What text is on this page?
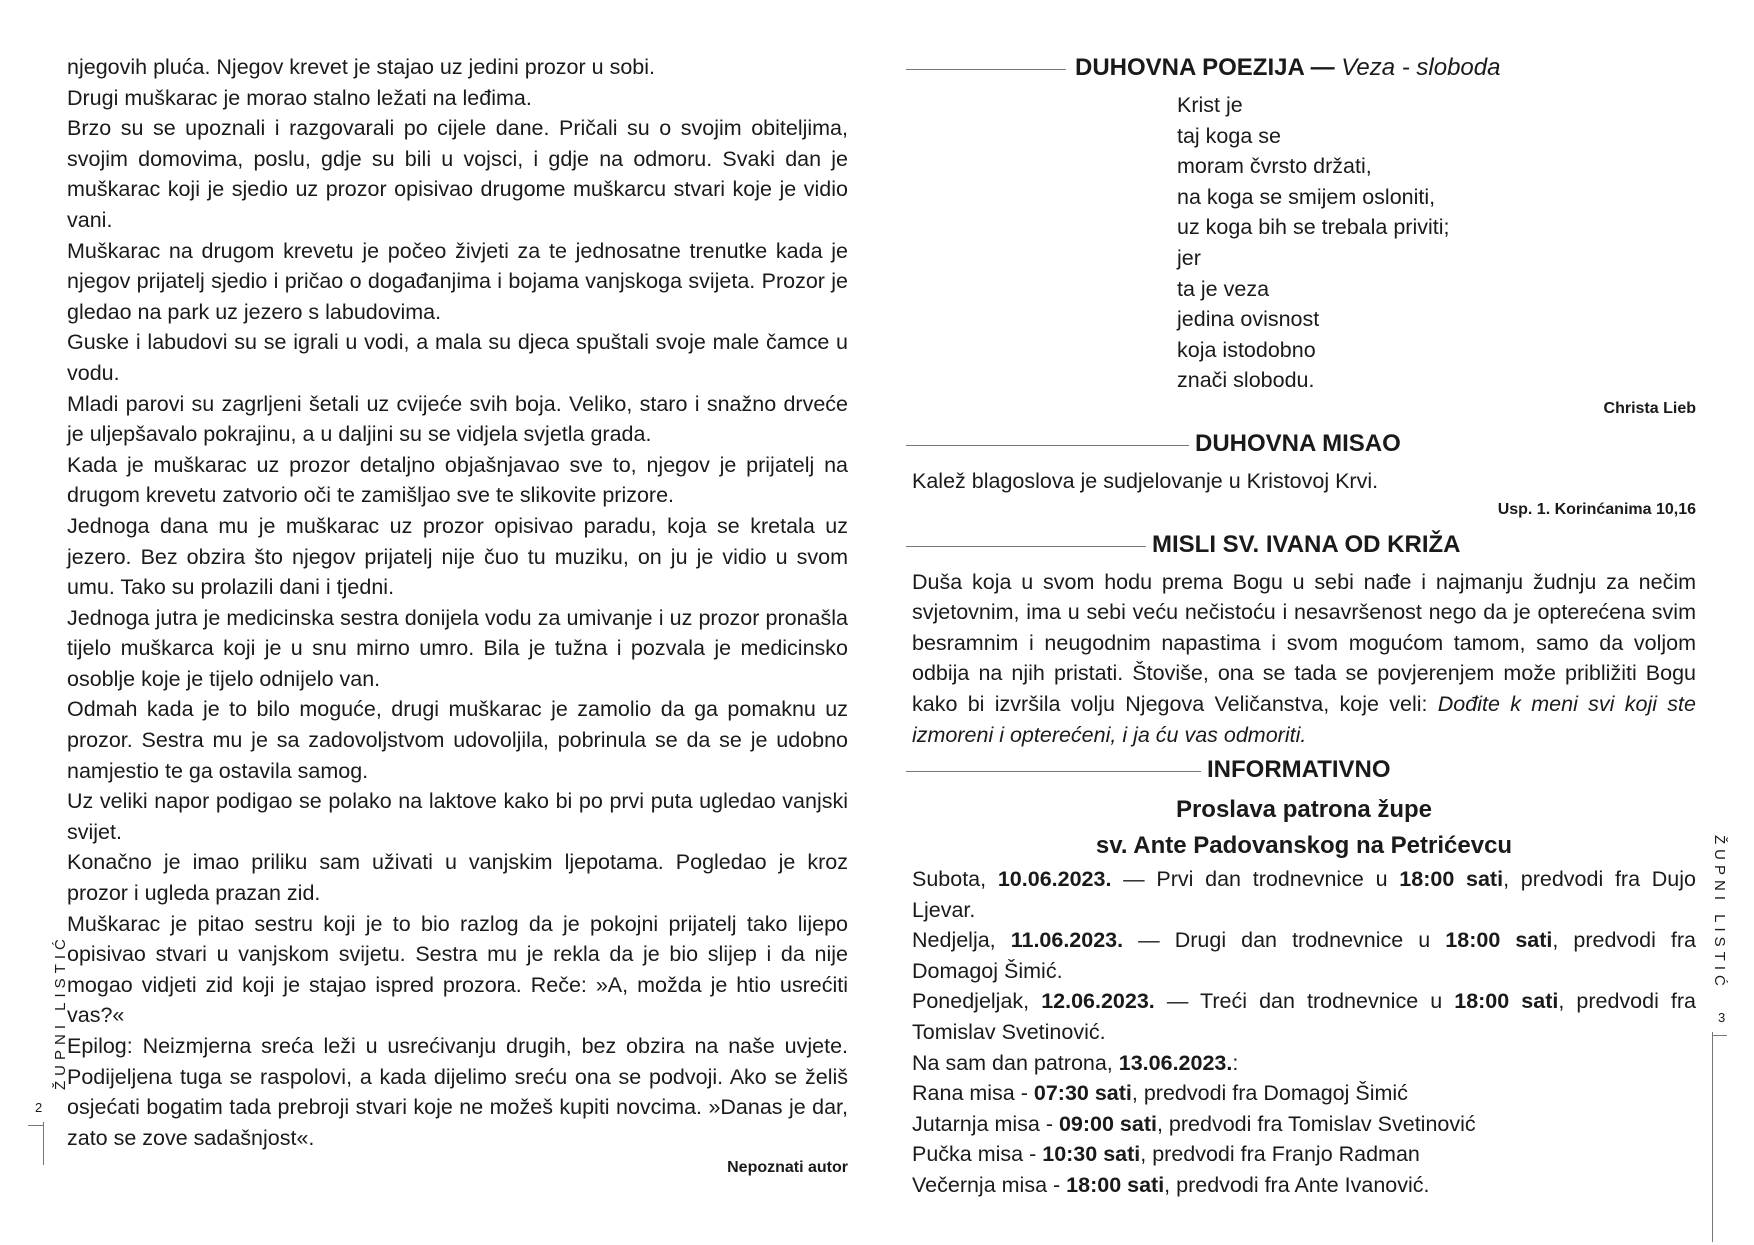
njegovih pluća. Njegov krevet je stajao uz jedini prozor u sobi.

Drugi muškarac je morao stalno ležati na leđima.

Brzo su se upoznali i razgovarali po cijele dane. Pričali su o svojim obiteljima, svojim domovima, poslu, gdje su bili u vojsci, i gdje na odmoru. Svaki dan je muškarac koji je sjedio uz prozor opisivao drugome muškarcu stvari koje je vidio vani.

Muškarac na drugom krevetu je počeo živjeti za te jednosatne trenutke kada je njegov prijatelj sjedio i pričao o događanjima i bojama vanjskoga svijeta. Prozor je gledao na park uz jezero s labudovima.

Guske i labudovi su se igrali u vodi, a mala su djeca spuštali svoje male čamce u vodu.

Mladi parovi su zagrljeni šetali uz cvijeće svih boja. Veliko, staro i snažno drveće je uljepšavalo pokrajinu, a u daljini su se vidjela svjetla grada.

Kada je muškarac uz prozor detaljno objašnjavao sve to, njegov je prijatelj na drugom krevetu zatvorio oči te zamišljao sve te slikovite prizore.

Jednoga dana mu je muškarac uz prozor opisivao paradu, koja se kretala uz jezero. Bez obzira što njegov prijatelj nije čuo tu muziku, on ju je vidio u svom umu. Tako su prolazili dani i tjedni.

Jednoga jutra je medicinska sestra donijela vodu za umivanje i uz prozor pronašla tijelo muškarca koji je u snu mirno umro. Bila je tužna i pozvala je medicinsko osoblje koje je tijelo odnijelo van.

Odmah kada je to bilo moguće, drugi muškarac je zamolio da ga pomaknu uz prozor. Sestra mu je sa zadovoljstvom udovoljila, pobrinula se da se je udobno namjestio te ga ostavila samog.

Uz veliki napor podigao se polako na laktove kako bi po prvi puta ugledao vanjski svijet.

Konačno je imao priliku sam uživati u vanjskim ljepotama. Pogledao je kroz prozor i ugleda prazan zid.

Muškarac je pitao sestru koji je to bio razlog da je pokojni prijatelj tako lijepo opisivao stvari u vanjskom svijetu. Sestra mu je rekla da je bio slijep i da nije mogao vidjeti zid koji je stajao ispred prozora. Reče: »A, možda je htio usrećiti vas?«

Epilog: Neizmjerna sreća leži u usrećivanju drugih, bez obzira na naše uvjete. Podijeljena tuga se raspolovi, a kada dijelimo sreću ona se podvoji. Ako se želiš osjećati bogatim tada prebroji stvari koje ne možeš kupiti novcima. »Danas je dar, zato se zove sadašnjost«.

Nepoznati autor
DUHOVNA POEZIJA — Veza - sloboda
Krist je
taj koga se
moram čvrsto držati,
na koga se smijem osloniti,
uz koga bih se trebala priviti;
jer
ta je veza
jedina ovisnost
koja istodobno
znači slobodu.
Christa Lieb
DUHOVNA MISAO
Kalež blagoslova je sudjelovanje u Kristovoj Krvi.
Usp. 1. Korinćanima 10,16
MISLI SV. IVANA OD KRIŽA
Duša koja u svom hodu prema Bogu u sebi nađe i najmanju žudnju za nečim svjetovnim, ima u sebi veću nečistoću i nesavršenost nego da je opterećena svim besramnim i neugodnim napastima i svom mogućom tamom, samo da voljom odbija na njih pristati. Štoviše, ona se tada se povjerenjem može približiti Bogu kako bi izvršila volju Njegova Veličanstva, koje veli: Dođite k meni svi koji ste izmoreni i opterećeni, i ja ću vas odmoriti.
INFORMATIVNO
Proslava patrona župe
sv. Ante Padovanskog na Petrićevcu

Subota, 10.06.2023. — Prvi dan trodnevnice u 18:00 sati, predvodi fra Dujo Ljevar.

Nedjelja, 11.06.2023. — Drugi dan trodnevnice u 18:00 sati, predvodi fra Domagoj Šimić.

Ponedjeljak, 12.06.2023. — Treći dan trodnevnice u 18:00 sati, predvodi fra Tomislav Svetinović.

Na sam dan patrona, 13.06.2023.:

Rana misa - 07:30 sati, predvodi fra Domagoj Šimić

Jutarnja misa - 09:00 sati, predvodi fra Tomislav Svetinović

Pučka misa - 10:30 sati, predvodi fra Franjo Radman

Večernja misa - 18:00 sati, predvodi fra Ante Ivanović.

ŽUPNI LISTIĆ
2
ŽUPNI LISTIĆ
3
